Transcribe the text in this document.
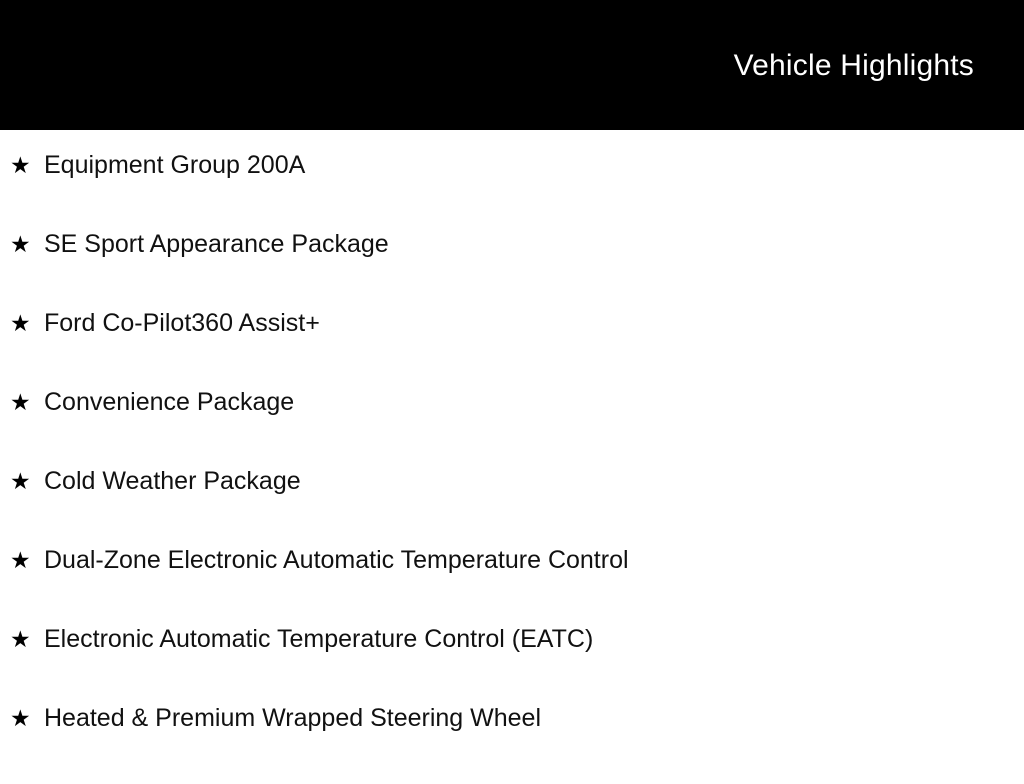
Vehicle Highlights
★ Equipment Group 200A
★ SE Sport Appearance Package
★ Ford Co-Pilot360 Assist+
★ Convenience Package
★ Cold Weather Package
★ Dual-Zone Electronic Automatic Temperature Control
★ Electronic Automatic Temperature Control (EATC)
★ Heated & Premium Wrapped Steering Wheel
